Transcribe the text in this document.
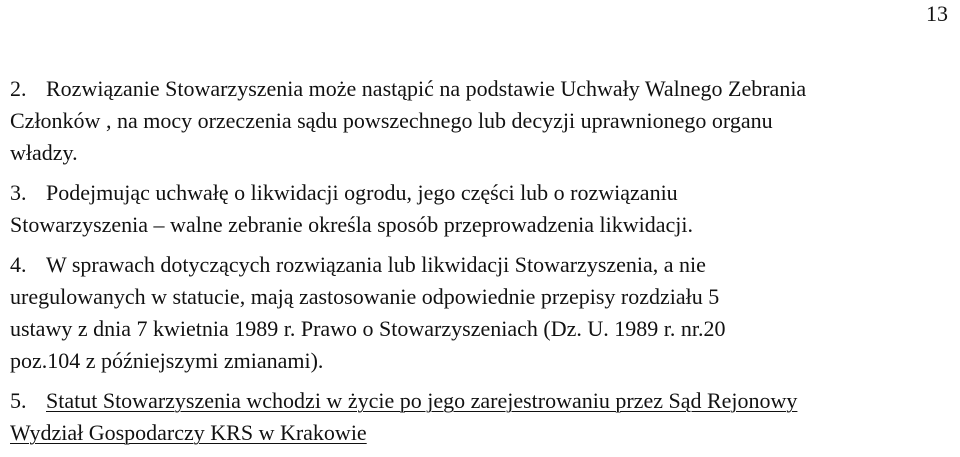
13
2. Rozwiązanie Stowarzyszenia może nastąpić na podstawie Uchwały Walnego Zebrania
Członków , na mocy orzeczenia sądu powszechnego lub decyzji uprawnionego organu
władzy.
3. Podejmując uchwałę o likwidacji ogrodu, jego części lub o rozwiązaniu
Stowarzyszenia – walne zebranie określa sposób przeprowadzenia likwidacji.
4. W sprawach dotyczących rozwiązania lub likwidacji Stowarzyszenia, a nie
uregulowanych w statucie, mają zastosowanie odpowiednie przepisy rozdziału 5
ustawy z dnia 7 kwietnia 1989 r. Prawo o Stowarzyszeniach (Dz. U. 1989 r. nr.20
poz.104 z późniejszymi zmianami).
5. Statut Stowarzyszenia wchodzi w życie po jego zarejestrowaniu przez Sąd Rejonowy
Wydział Gospodarczy KRS w Krakowie
